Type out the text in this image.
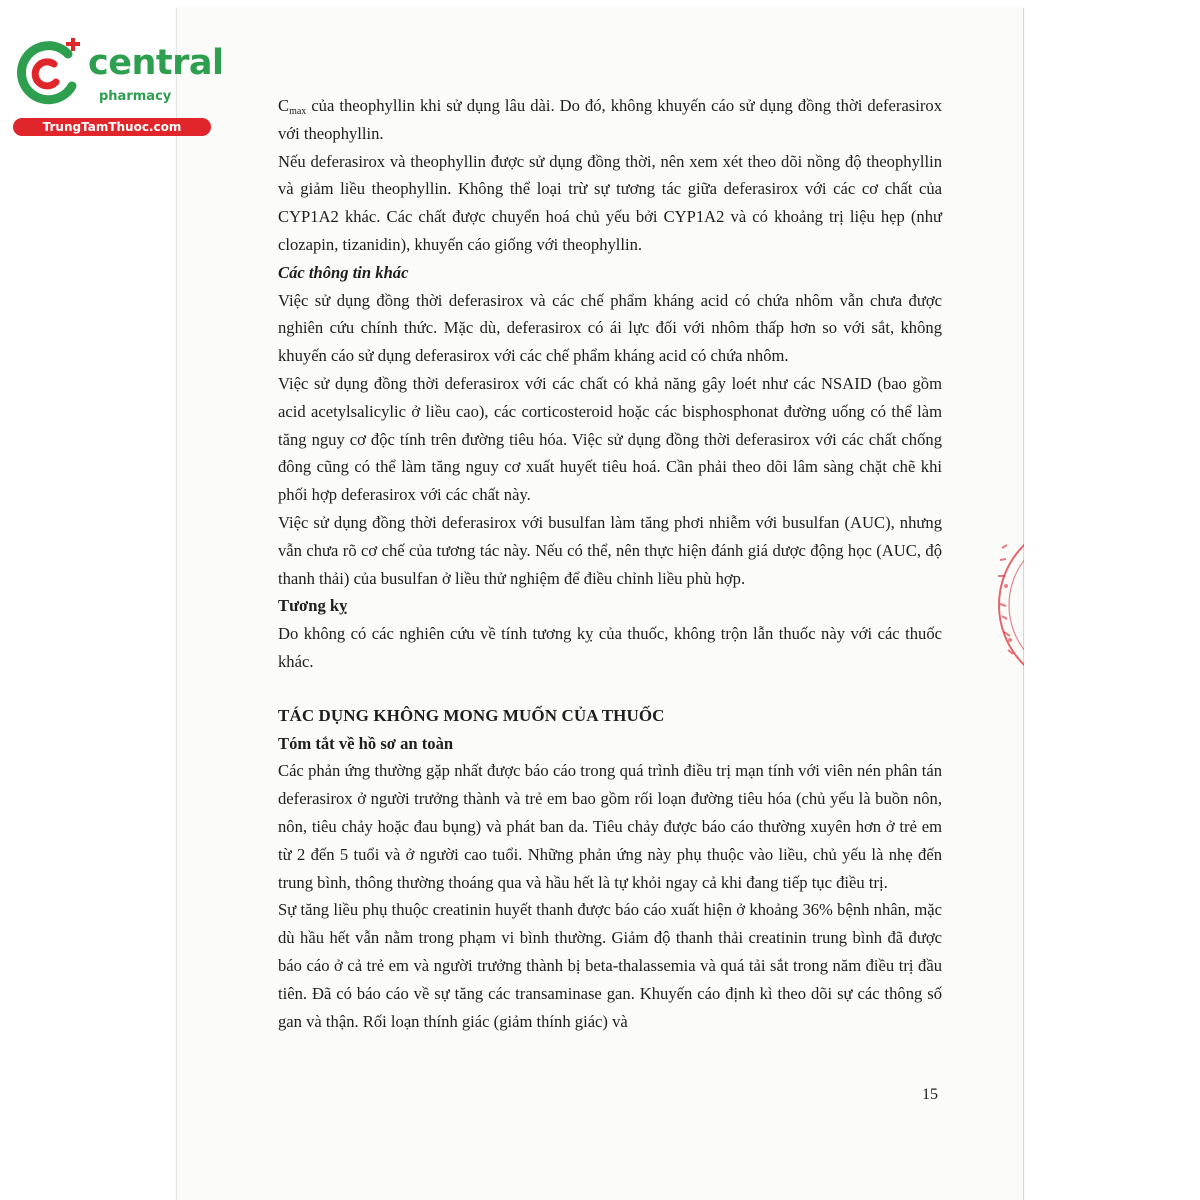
central
pharmacy
TrungTamThuoc.com

$C_{max}$ của theophyllin khi sử dụng lâu dài. Do đó, không khuyến cáo sử dụng đồng thời deferasirox với theophyllin.

Nếu deferasirox và theophyllin được sử dụng đồng thời, nên xem xét theo dõi nồng độ theophyllin và giảm liều theophyllin. Không thể loại trừ sự tương tác giữa deferasirox với các cơ chất của CYP1A2 khác. Các chất được chuyển hoá chủ yếu bởi CYP1A2 và có khoảng trị liệu hẹp (như clozapin, tizanidin), khuyến cáo giống với theophyllin.

Các thông tin khác

Việc sử dụng đồng thời deferasirox và các chế phẩm kháng acid có chứa nhôm vẫn chưa được nghiên cứu chính thức. Mặc dù, deferasirox có ái lực đối với nhôm thấp hơn so với sắt, không khuyến cáo sử dụng deferasirox với các chế phẩm kháng acid có chứa nhôm.

Việc sử dụng đồng thời deferasirox với các chất có khả năng gây loét như các NSAID (bao gồm acid acetylsalicylic ở liều cao), các corticosteroid hoặc các bisphosphonat đường uống có thể làm tăng nguy cơ độc tính trên đường tiêu hóa. Việc sử dụng đồng thời deferasirox với các chất chống đông cũng có thể làm tăng nguy cơ xuất huyết tiêu hoá. Cần phải theo dõi lâm sàng chặt chẽ khi phối hợp deferasirox với các chất này.

Việc sử dụng đồng thời deferasirox với busulfan làm tăng phơi nhiễm với busulfan (AUC), nhưng vẫn chưa rõ cơ chế của tương tác này. Nếu có thể, nên thực hiện đánh giá dược động học (AUC, độ thanh thải) của busulfan ở liều thử nghiệm để điều chỉnh liều phù hợp.

Tương kỵ

Do không có các nghiên cứu về tính tương kỵ của thuốc, không trộn lẫn thuốc này với các thuốc khác.

TÁC DỤNG KHÔNG MONG MUỐN CỦA THUỐC

Tóm tắt về hồ sơ an toàn

Các phản ứng thường gặp nhất được báo cáo trong quá trình điều trị mạn tính với viên nén phân tán deferasirox ở người trưởng thành và trẻ em bao gồm rối loạn đường tiêu hóa (chủ yếu là buồn nôn, nôn, tiêu chảy hoặc đau bụng) và phát ban da. Tiêu chảy được báo cáo thường xuyên hơn ở trẻ em từ 2 đến 5 tuổi và ở người cao tuổi. Những phản ứng này phụ thuộc vào liều, chủ yếu là nhẹ đến trung bình, thông thường thoáng qua và hầu hết là tự khỏi ngay cả khi đang tiếp tục điều trị.

Sự tăng liều phụ thuộc creatinin huyết thanh được báo cáo xuất hiện ở khoảng 36% bệnh nhân, mặc dù hầu hết vẫn nằm trong phạm vi bình thường. Giảm độ thanh thải creatinin trung bình đã được báo cáo ở cả trẻ em và người trưởng thành bị beta-thalassemia và quá tải sắt trong năm điều trị đầu tiên. Đã có báo cáo về sự tăng các transaminase gan. Khuyến cáo định kì theo dõi sự các thông số gan và thận. Rối loạn thính giác (giảm thính giác) và

15
